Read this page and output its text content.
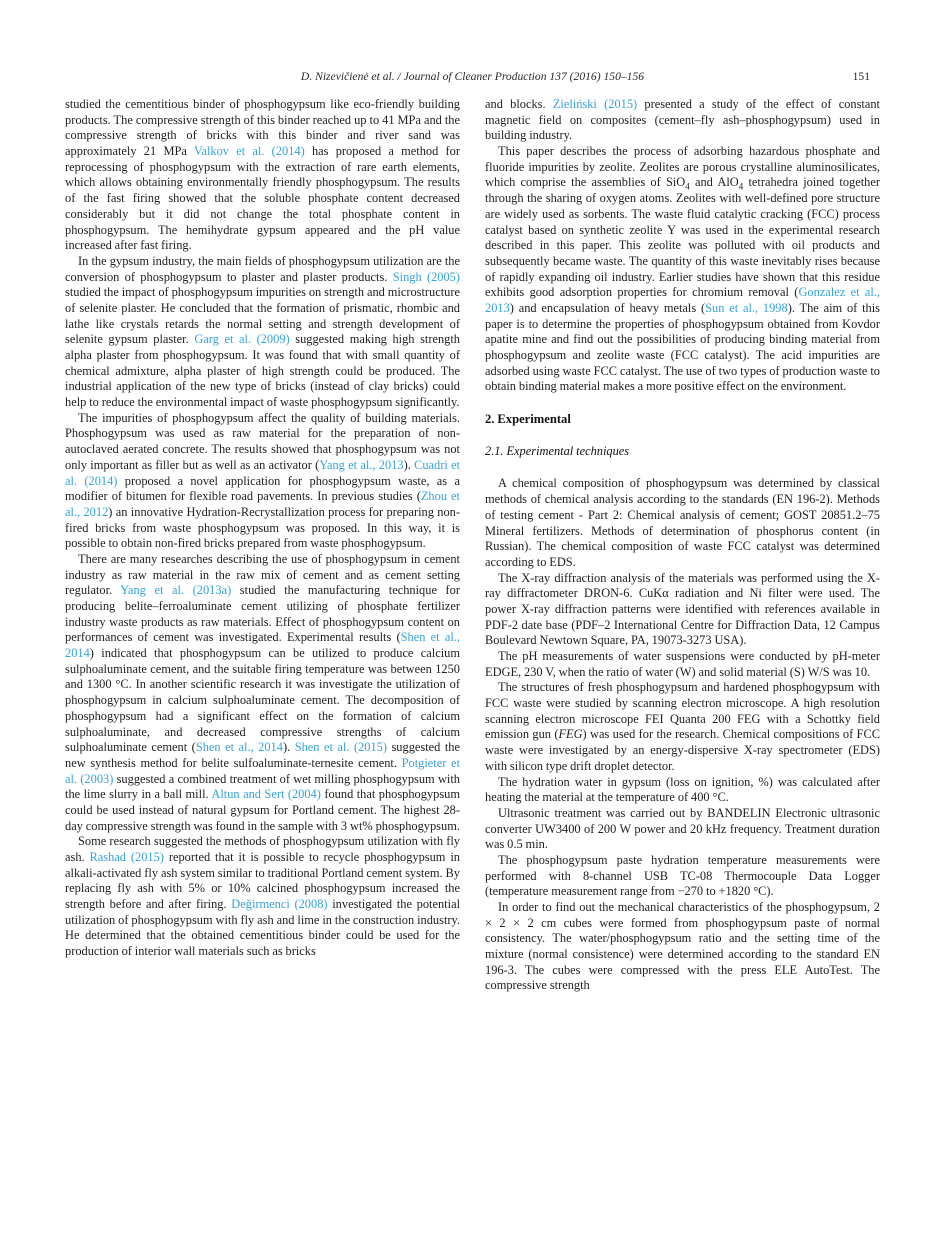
D. Nizevičienė et al. / Journal of Cleaner Production 137 (2016) 150–156	151

studied the cementitious binder of phosphogypsum like eco-friendly building products. The compressive strength of this binder reached up to 41 MPa and the compressive strength of bricks with this binder and river sand was approximately 21 MPa Valkov et al. (2014) has proposed a method for reprocessing of phosphogypsum with the extraction of rare earth elements, which allows obtaining environmentally friendly phosphogypsum. The results of the fast firing showed that the soluble phosphate content decreased considerably but it did not change the total phosphate content in phosphogypsum. The hemihydrate gypsum appeared and the pH value increased after fast firing.

In the gypsum industry, the main fields of phosphogypsum utilization are the conversion of phosphogypsum to plaster and plaster products. Singh (2005) studied the impact of phosphogypsum impurities on strength and microstructure of selenite plaster. He concluded that the formation of prismatic, rhombic and lathe like crystals retards the normal setting and strength development of selenite gypsum plaster. Garg et al. (2009) suggested making high strength alpha plaster from phosphogypsum. It was found that with small quantity of chemical admixture, alpha plaster of high strength could be produced. The industrial application of the new type of bricks (instead of clay bricks) could help to reduce the environmental impact of waste phosphogypsum significantly.

The impurities of phosphogypsum affect the quality of building materials. Phosphogypsum was used as raw material for the preparation of non-autoclaved aerated concrete. The results showed that phosphogypsum was not only important as filler but as well as an activator (Yang et al., 2013). Cuadri et al. (2014) proposed a novel application for phosphogypsum waste, as a modifier of bitumen for flexible road pavements. In previous studies (Zhou et al., 2012) an innovative Hydration-Recrystallization process for preparing non-fired bricks from waste phosphogypsum was proposed. In this way, it is possible to obtain non-fired bricks prepared from waste phosphogypsum.

There are many researches describing the use of phosphogypsum in cement industry as raw material in the raw mix of cement and as cement setting regulator. Yang et al. (2013a) studied the manufacturing technique for producing belite–ferroaluminate cement utilizing of phosphate fertilizer industry waste products as raw materials. Effect of phosphogypsum content on performances of cement was investigated. Experimental results (Shen et al., 2014) indicated that phosphogypsum can be utilized to produce calcium sulphoaluminate cement, and the suitable firing temperature was between 1250 and 1300 °C. In another scientific research it was investigate the utilization of phosphogypsum in calcium sulphoaluminate cement. The decomposition of phosphogypsum had a significant effect on the formation of calcium sulphoaluminate, and decreased compressive strengths of calcium sulphoaluminate cement (Shen et al., 2014). Shen et al. (2015) suggested the new synthesis method for belite sulfoaluminate-ternesite cement. Potgieter et al. (2003) suggested a combined treatment of wet milling phosphogypsum with the lime slurry in a ball mill. Altun and Sert (2004) found that phosphogypsum could be used instead of natural gypsum for Portland cement. The highest 28-day compressive strength was found in the sample with 3 wt% phosphogypsum.

Some research suggested the methods of phosphogypsum utilization with fly ash. Rashad (2015) reported that it is possible to recycle phosphogypsum in alkali-activated fly ash system similar to traditional Portland cement system. By replacing fly ash with 5% or 10% calcined phosphogypsum increased the strength before and after firing. Değirmenci (2008) investigated the potential utilization of phosphogypsum with fly ash and lime in the construction industry. He determined that the obtained cementitious binder could be used for the production of interior wall materials such as bricks

and blocks. Zieliński (2015) presented a study of the effect of constant magnetic field on composites (cement–fly ash–phosphogypsum) used in building industry.

This paper describes the process of adsorbing hazardous phosphate and fluoride impurities by zeolite. Zeolites are porous crystalline aluminosilicates, which comprise the assemblies of SiO$_4$ and AlO$_4$ tetrahedra joined together through the sharing of oxygen atoms. Zeolites with well-defined pore structure are widely used as sorbents. The waste fluid catalytic cracking (FCC) process catalyst based on synthetic zeolite Y was used in the experimental research described in this paper. This zeolite was polluted with oil products and subsequently became waste. The quantity of this waste inevitably rises because of rapidly expanding oil industry. Earlier studies have shown that this residue exhibits good adsorption properties for chromium removal (Gonzalez et al., 2013) and encapsulation of heavy metals (Sun et al., 1998). The aim of this paper is to determine the properties of phosphogypsum obtained from Kovdor apatite mine and find out the possibilities of producing binding material from phosphogypsum and zeolite waste (FCC catalyst). The acid impurities are adsorbed using waste FCC catalyst. The use of two types of production waste to obtain binding material makes a more positive effect on the environment.

2. Experimental
2.1. Experimental techniques

A chemical composition of phosphogypsum was determined by classical methods of chemical analysis according to the standards (EN 196-2). Methods of testing cement - Part 2: Chemical analysis of cement; GOST 20851.2–75 Mineral fertilizers. Methods of determination of phosphorus content (in Russian). The chemical composition of waste FCC catalyst was determined according to EDS.

The X-ray diffraction analysis of the materials was performed using the X-ray diffractometer DRON-6. CuKα radiation and Ni filter were used. The power X-ray diffraction patterns were identified with references available in PDF-2 date base (PDF–2 International Centre for Diffraction Data, 12 Campus Boulevard Newtown Square, PA, 19073-3273 USA).

The pH measurements of water suspensions were conducted by pH-meter EDGE, 230 V, when the ratio of water (W) and solid material (S) W/S was 10.

The structures of fresh phosphogypsum and hardened phosphogypsum with FCC waste were studied by scanning electron microscope. A high resolution scanning electron microscope FEI Quanta 200 FEG with a Schottky field emission gun (FEG) was used for the research. Chemical compositions of FCC waste were investigated by an energy-dispersive X-ray spectrometer (EDS) with silicon type drift droplet detector.

The hydration water in gypsum (loss on ignition, %) was calculated after heating the material at the temperature of 400 °C.

Ultrasonic treatment was carried out by BANDELIN Electronic ultrasonic converter UW3400 of 200 W power and 20 kHz frequency. Treatment duration was 0.5 min.

The phosphogypsum paste hydration temperature measurements were performed with 8-channel USB TC-08 Thermocouple Data Logger (temperature measurement range from −270 to +1820 °C).

In order to find out the mechanical characteristics of the phosphogypsum, 2 × 2 × 2 cm cubes were formed from phosphogypsum paste of normal consistency. The water/phosphogypsum ratio and the setting time of the mixture (normal consistence) were determined according to the standard EN 196-3. The cubes were compressed with the press ELE AutoTest. The compressive strength
